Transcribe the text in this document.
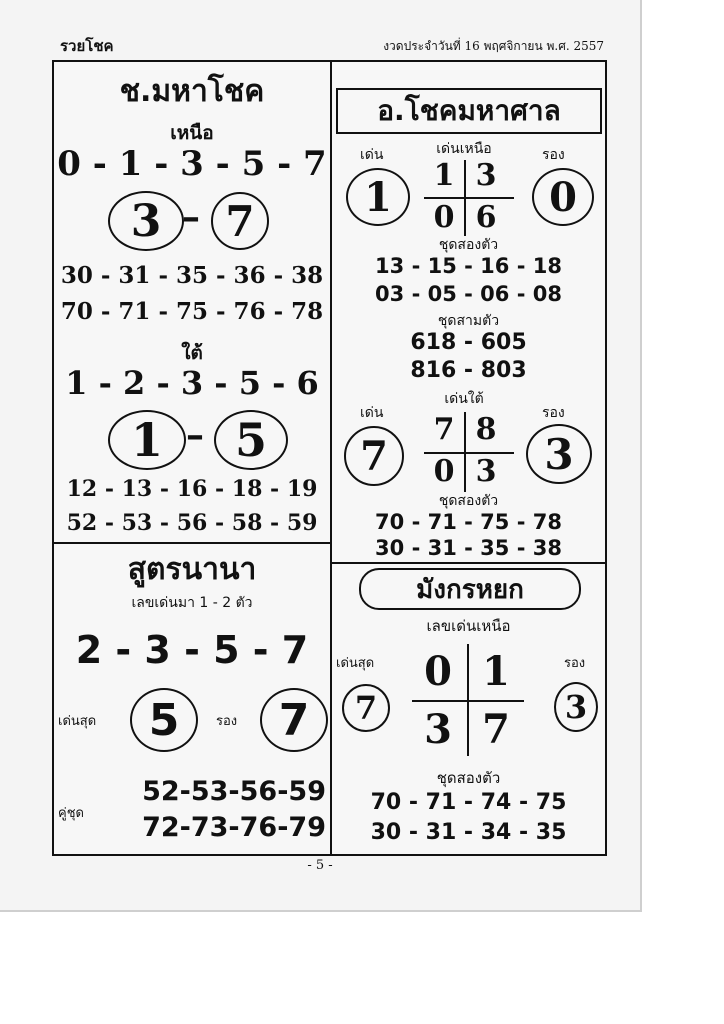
รวยโชค	งวดประจำวันที่ 16 พฤศจิกายน พ.ศ. 2557
ช.มหาโชค
เหนือ
0 - 1 - 3 - 5 - 7
3 – 7
30 - 31 - 35 - 36 - 38
70 - 71 - 75 - 76 - 78
ใต้
1 - 2 - 3 - 5 - 6
1 – 5
12 - 13 - 16 - 18 - 19
52 - 53 - 56 - 58 - 59
สูตรนานา
เลขเด่นมา 1 - 2 ตัว
2 - 3 - 5 - 7
เด่นสุด	5	รอง 7
คู่ชุด
52-53-56-59
72-73-76-79
อ.โชคมหาศาล
เด่น	เด่นเหนือ	รอง
1	0
1 3
0 6
ชุดสองตัว
13 - 15 - 16 - 18
03 - 05 - 06 - 08
ชุดสามตัว
618 - 605
816 - 803
เด่น
เด่นใต้
รอง
7	3
7 8
0 3
ชุดสองตัว
70 - 71 - 75 - 78
30 - 31 - 35 - 38
มังกรหยก
เลขเด่นเหนือ
เด่นสุด	รอง
7	3
0 1
3 7
ชุดสองตัว
70 - 71 - 74 - 75
30 - 31 - 34 - 35
- 5 -
